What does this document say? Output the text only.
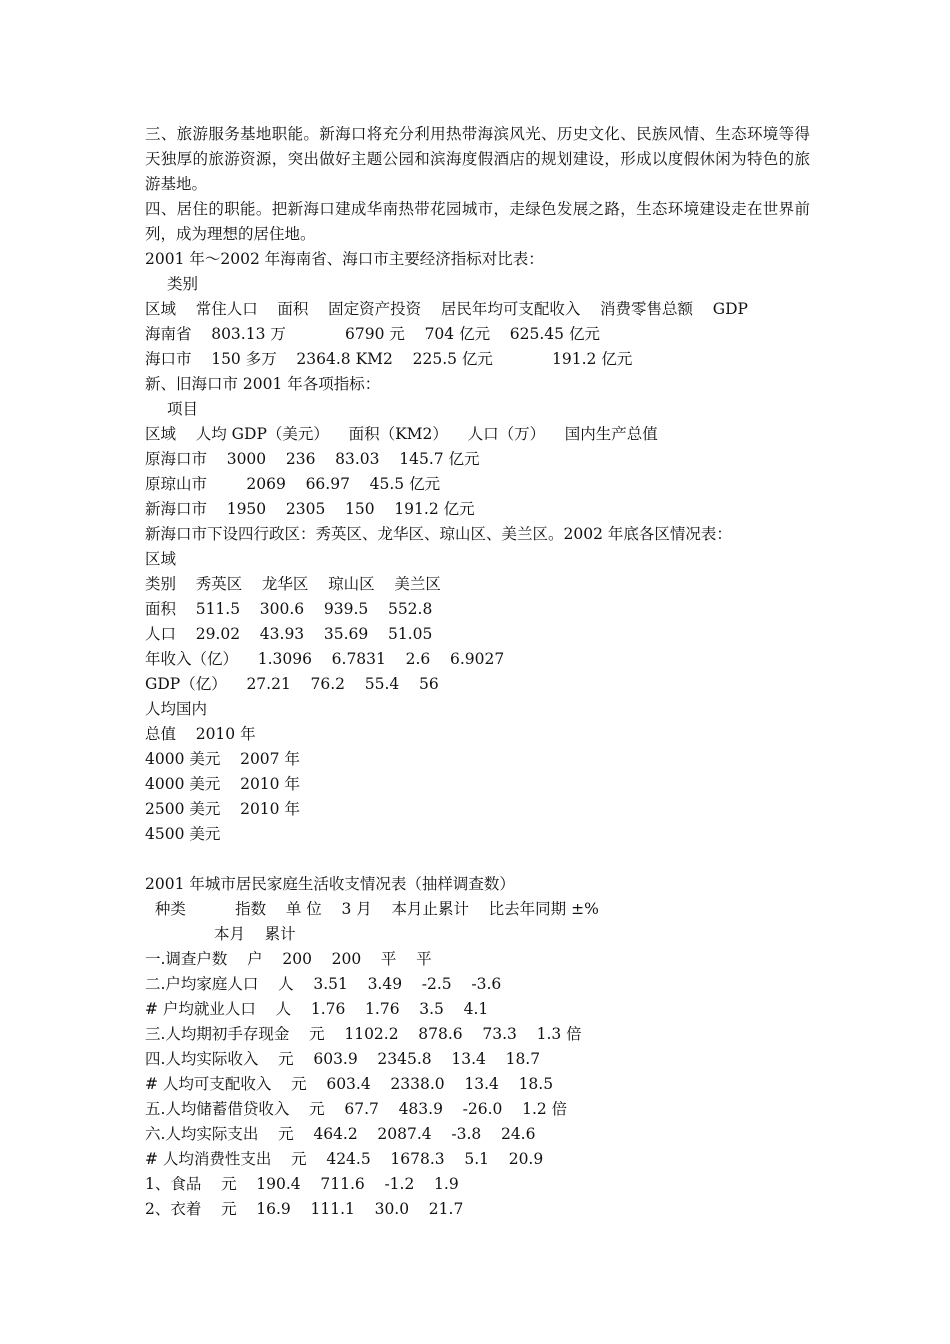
三、旅游服务基地职能。新海口将充分利用热带海滨风光、历史文化、民族风情、生态环境等得天独厚的旅游资源，突出做好主题公园和滨海度假酒店的规划建设，形成以度假休闲为特色的旅游基地。

四、居住的职能。把新海口建成华南热带花园城市，走绿色发展之路，生态环境建设走在世界前列，成为理想的居住地。

2001 年～2002 年海南省、海口市主要经济指标对比表：
类别
区域    常住人口    面积    固定资产投资    居民年均可支配收入    消费零售总额    GDP
海南省    803.13 万            6790 元    704 亿元    625.45 亿元
海口市    150 多万    2364.8 KM2    225.5 亿元            191.2 亿元
新、旧海口市 2001 年各项指标：
项目
区域    人均 GDP（美元）    面积（KM2）    人口（万）    国内生产总值
原海口市    3000    236    83.03    145.7 亿元
原琼山市        2069    66.97    45.5 亿元
新海口市    1950    2305    150    191.2 亿元
新海口市下设四行政区：秀英区、龙华区、琼山区、美兰区。2002 年底各区情况表：
区域
类别    秀英区    龙华区    琼山区    美兰区
面积    511.5    300.6    939.5    552.8
人口    29.02    43.93    35.69    51.05
年收入（亿）    1.3096    6.7831    2.6    6.9027
GDP（亿）    27.21    76.2    55.4    56
人均国内
总值    2010 年
4000 美元    2007 年
4000 美元    2010 年
2500 美元    2010 年
4500 美元
2001 年城市居民家庭生活收支情况表（抽样调查数）
种类          指数    单 位    3 月    本月止累计    比去年同期 ±%
本月    累计
一.调查户数    户    200    200    平    平
二.户均家庭人口    人    3.51    3.49    -2.5    -3.6
# 户均就业人口    人    1.76    1.76    3.5    4.1
三.人均期初手存现金    元    1102.2    878.6    73.3    1.3 倍
四.人均实际收入    元    603.9    2345.8    13.4    18.7
# 人均可支配收入    元    603.4    2338.0    13.4    18.5
五.人均储蓄借贷收入    元    67.7    483.9    -26.0    1.2 倍
六.人均实际支出    元    464.2    2087.4    -3.8    24.6
# 人均消费性支出    元    424.5    1678.3    5.1    20.9
1、食品    元    190.4    711.6    -1.2    1.9
2、衣着    元    16.9    111.1    30.0    21.7
